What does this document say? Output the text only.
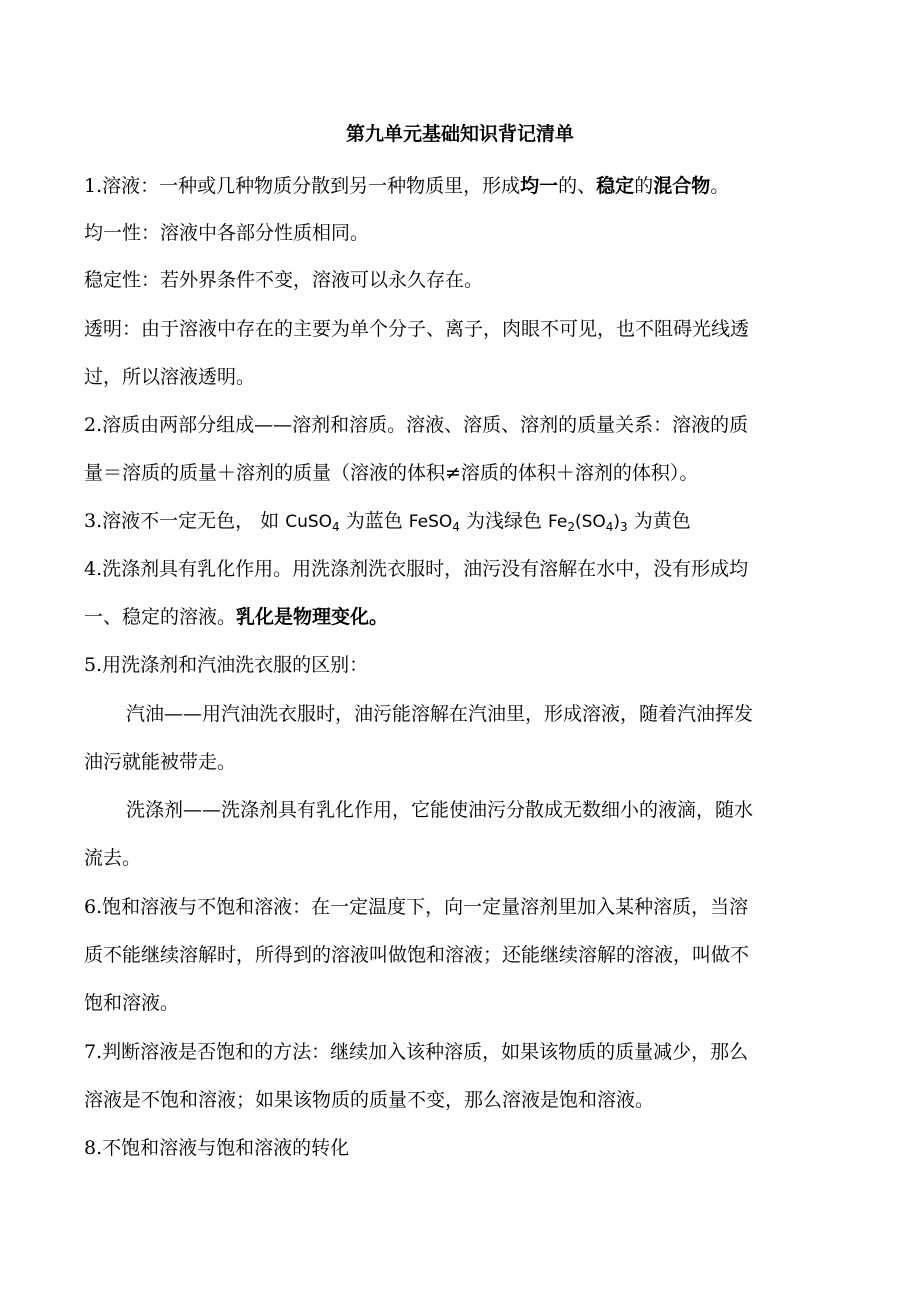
第九单元基础知识背记清单
1.溶液：一种或几种物质分散到另一种物质里，形成均一的、稳定的混合物。
均一性：溶液中各部分性质相同。
稳定性：若外界条件不变，溶液可以永久存在。
透明：由于溶液中存在的主要为单个分子、离子，肉眼不可见，也不阻碍光线透
过，所以溶液透明。
2.溶质由两部分组成——溶剂和溶质。溶液、溶质、溶剂的质量关系：溶液的质
量＝溶质的质量＋溶剂的质量（溶液的体积≠溶质的体积＋溶剂的体积）。
3.溶液不一定无色， 如 CuSO$_4$ 为蓝色 FeSO$_4$ 为浅绿色 $Fe_2(SO_4)_3$ 为黄色
4.洗涤剂具有乳化作用。用洗涤剂洗衣服时，油污没有溶解在水中，没有形成均
一、稳定的溶液。乳化是物理变化。
5.用洗涤剂和汽油洗衣服的区别：
汽油——用汽油洗衣服时，油污能溶解在汽油里，形成溶液，随着汽油挥发
油污就能被带走。
洗涤剂——洗涤剂具有乳化作用，它能使油污分散成无数细小的液滴，随水
流去。
6.饱和溶液与不饱和溶液：在一定温度下，向一定量溶剂里加入某种溶质，当溶
质不能继续溶解时，所得到的溶液叫做饱和溶液；还能继续溶解的溶液，叫做不
饱和溶液。
7.判断溶液是否饱和的方法：继续加入该种溶质，如果该物质的质量减少，那么
溶液是不饱和溶液；如果该物质的质量不变，那么溶液是饱和溶液。
8.不饱和溶液与饱和溶液的转化
